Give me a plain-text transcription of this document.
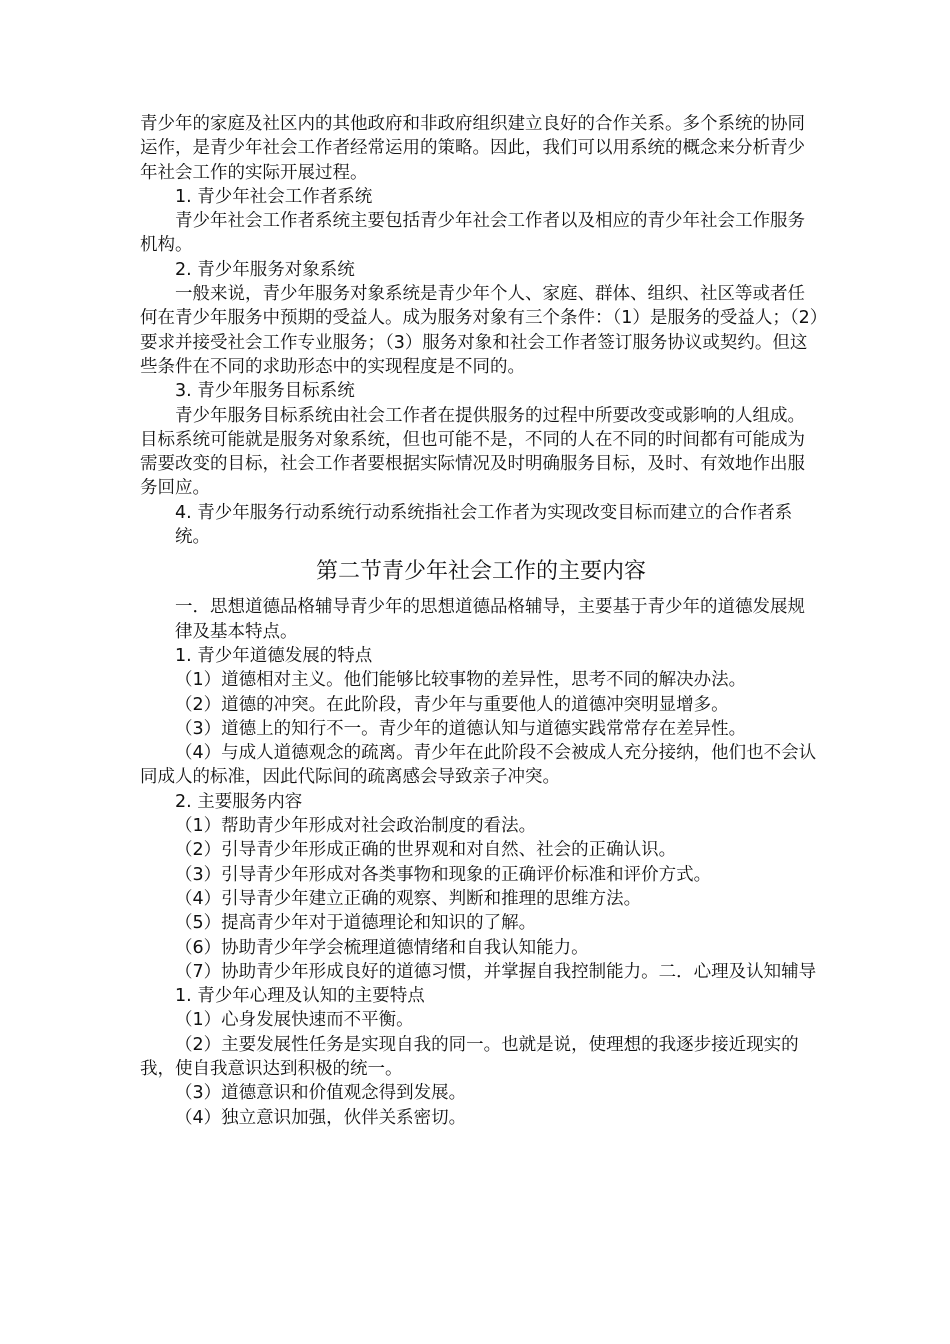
青少年的家庭及社区内的其他政府和非政府组织建立良好的合作关系。多个系统的协同运作，是青少年社会工作者经常运用的策略。因此，我们可以用系统的概念来分析青少年社会工作的实际开展过程。

1. 青少年社会工作者系统

青少年社会工作者系统主要包括青少年社会工作者以及相应的青少年社会工作服务机构。

2. 青少年服务对象系统

一般来说，青少年服务对象系统是青少年个人、家庭、群体、组织、社区等或者任何在青少年服务中预期的受益人。成为服务对象有三个条件：（1）是服务的受益人；（2）要求并接受社会工作专业服务；（3）服务对象和社会工作者签订服务协议或契约。但这些条件在不同的求助形态中的实现程度是不同的。

3. 青少年服务目标系统

青少年服务目标系统由社会工作者在提供服务的过程中所要改变或影响的人组成。目标系统可能就是服务对象系统，但也可能不是，不同的人在不同的时间都有可能成为需要改变的目标，社会工作者要根据实际情况及时明确服务目标，及时、有效地作出服务回应。

4. 青少年服务行动系统行动系统指社会工作者为实现改变目标而建立的合作者系统。

第二节青少年社会工作的主要内容

一．思想道德品格辅导青少年的思想道德品格辅导，主要基于青少年的道德发展规律及基本特点。

1. 青少年道德发展的特点

（1）道德相对主义。他们能够比较事物的差异性，思考不同的解决办法。

（2）道德的冲突。在此阶段，青少年与重要他人的道德冲突明显增多。

（3）道德上的知行不一。青少年的道德认知与道德实践常常存在差异性。

（4）与成人道德观念的疏离。青少年在此阶段不会被成人充分接纳，他们也不会认同成人的标准，因此代际间的疏离感会导致亲子冲突。

2. 主要服务内容

（1）帮助青少年形成对社会政治制度的看法。

（2）引导青少年形成正确的世界观和对自然、社会的正确认识。

（3）引导青少年形成对各类事物和现象的正确评价标准和评价方式。

（4）引导青少年建立正确的观察、判断和推理的思维方法。

（5）提高青少年对于道德理论和知识的了解。

（6）协助青少年学会梳理道德情绪和自我认知能力。

（7）协助青少年形成良好的道德习惯，并掌握自我控制能力。二．心理及认知辅导

1. 青少年心理及认知的主要特点

（1）心身发展快速而不平衡。

（2）主要发展性任务是实现自我的同一。也就是说，使理想的我逐步接近现实的我，使自我意识达到积极的统一。

（3）道德意识和价值观念得到发展。

（4）独立意识加强，伙伴关系密切。
